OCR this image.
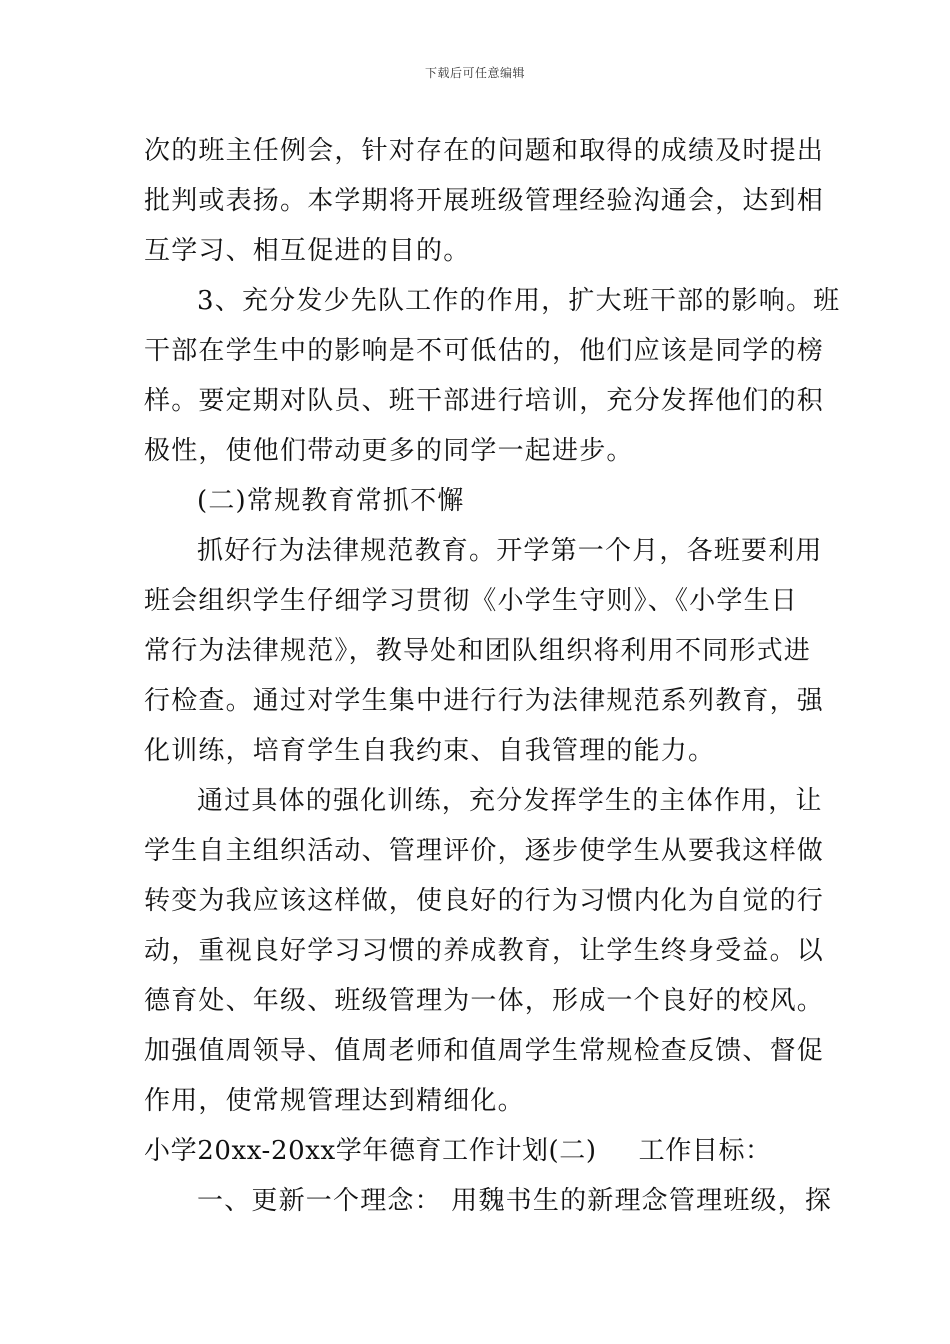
下载后可任意编辑
次的班主任例会，针对存在的问题和取得的成绩及时提出
批判或表扬。本学期将开展班级管理经验沟通会，达到相
互学习、相互促进的目的。
3、充分发少先队工作的作用，扩大班干部的影响。班
干部在学生中的影响是不可低估的，他们应该是同学的榜
样。要定期对队员、班干部进行培训，充分发挥他们的积
极性，使他们带动更多的同学一起进步。
(二)常规教育常抓不懈
抓好行为法律规范教育。开学第一个月，各班要利用
班会组织学生仔细学习贯彻《小学生守则》、《小学生日
常行为法律规范》，教导处和团队组织将利用不同形式进
行检查。通过对学生集中进行行为法律规范系列教育，强
化训练，培育学生自我约束、自我管理的能力。
通过具体的强化训练，充分发挥学生的主体作用，让
学生自主组织活动、管理评价，逐步使学生从要我这样做
转变为我应该这样做，使良好的行为习惯内化为自觉的行
动，重视良好学习习惯的养成教育，让学生终身受益。以
德育处、年级、班级管理为一体，形成一个良好的校风。
加强值周领导、值周老师和值周学生常规检查反馈、督促
作用，使常规管理达到精细化。
小学20xx-20xx学年德育工作计划(二) 工作目标：
一、更新一个理念： 用魏书生的新理念管理班级，探
